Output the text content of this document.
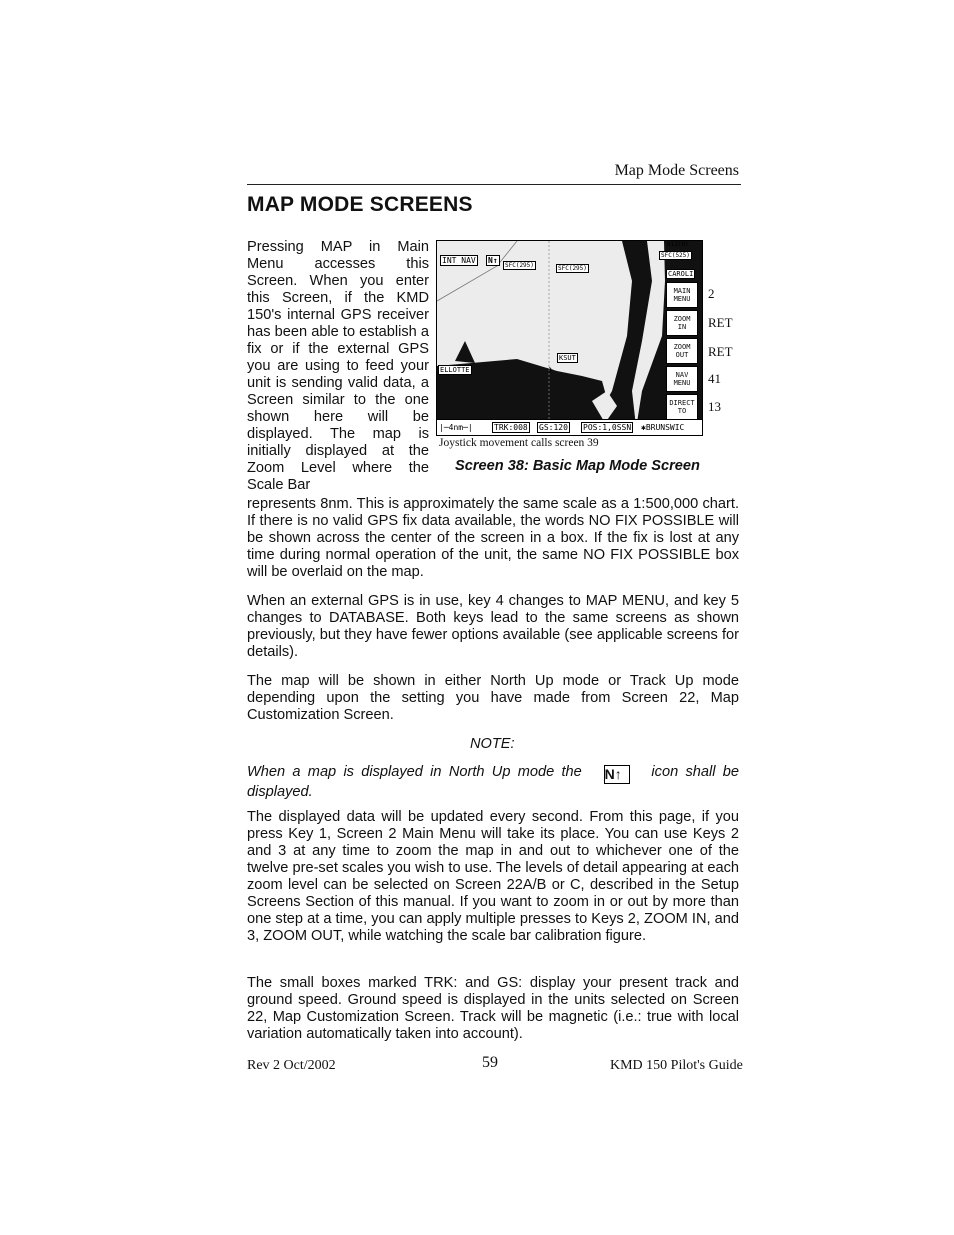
Map Mode Screens
MAP MODE SCREENS

Pressing MAP in Main Menu accesses this Screen. When you enter this Screen, if the KMD 150's internal GPS receiver has been able to establish a fix or if the external GPS you are using to feed your unit is sending valid data, a Screen similar to the one shown here will be displayed. The map is initially displayed at the Zoom Level where the Scale Bar

INT NAV N↑
SFC(295)	SFC(295)
613(0)
SFC(525)
CAROLI
ELLOTTE
KSUT
✈
MAIN
MENU
ZOOM
IN
ZOOM
OUT
NAV
MENU
DIRECT
TO
|─4nm─|	TRK:008 GS:120 POS:1,0SSN ✱BRUNSWIC
2
RET
RET
41
13
Joystick movement calls screen 39
Screen 38: Basic Map Mode Screen

represents 8nm. This is approximately the same scale as a 1:500,000 chart. If there is no valid GPS fix data available, the words NO FIX POSSIBLE will be shown across the center of the screen in a box. If the fix is lost at any time during normal operation of the unit, the same NO FIX POSSIBLE box will be overlaid on the map.

When an external GPS is in use, key 4 changes to MAP MENU, and key 5 changes to DATABASE. Both keys lead to the same screens as shown previously, but they have fewer options available (see applicable screens for details).

The map will be shown in either North Up mode or Track Up mode depending upon the setting you have made from Screen 22, Map Customization Screen.

NOTE:

When a map is displayed in North Up mode the N↑ icon shall be displayed.

The displayed data will be updated every second. From this page, if you press Key 1, Screen 2 Main Menu will take its place. You can use Keys 2 and 3 at any time to zoom the map in and out to whichever one of the twelve pre-set scales you wish to use. The levels of detail appearing at each zoom level can be selected on Screen 22A/B or C, described in the Setup Screens Section of this manual. If you want to zoom in or out by more than one step at a time, you can apply multiple presses to Keys 2, ZOOM IN, and 3, ZOOM OUT, while watching the scale bar calibration figure.

The small boxes marked TRK: and GS: display your present track and ground speed. Ground speed is displayed in the units selected on Screen 22, Map Customization Screen. Track will be magnetic (i.e.: true with local variation automatically taken into account).

Rev 2 Oct/2002	59	KMD 150 Pilot's Guide
